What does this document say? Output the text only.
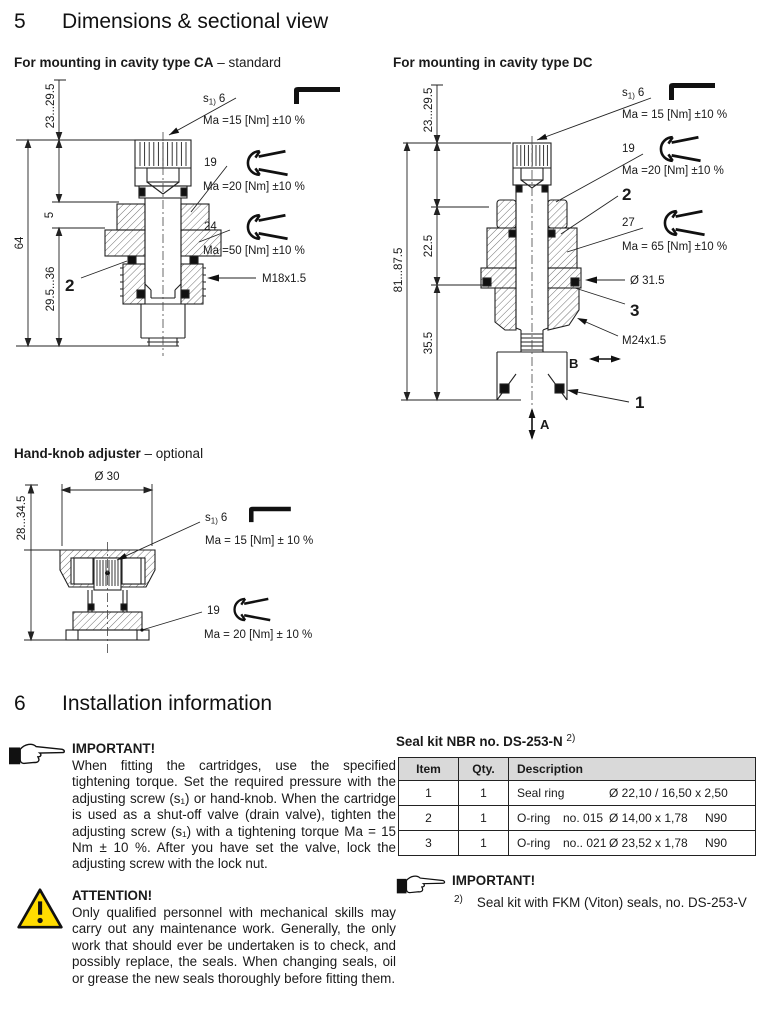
5 Dimensions & sectional view
For mounting in cavity type CA – standard
23...29.5
64
5
29.5...36
$s_{1)}$ 6
Ma =15 [Nm] ±10 %
19
Ma =20 [Nm] ±10 %
24
Ma =50 [Nm] ±10 %
M18x1.5
2
For mounting in cavity type DC
23...29.5
81...87.5
22.5
35.5
$s_{1)}$ 6
Ma = 15 [Nm] ±10 %
19
Ma =20 [Nm] ±10 %
2
27
Ma = 65 [Nm] ±10 %
Ø 31.5
3
M24x1.5
B
1
A
Hand-knob adjuster – optional
Ø 30
28...34.5	$s_{1)}$ 6
Ma = 15 [Nm] ± 10 %
19
Ma = 20 [Nm] ± 10 %
6 Installation information
IMPORTANT!
When fitting the cartridges, use the specified tightening torque. Set the required pressure with the adjusting screw (s₁) or hand-knob. When the cartridge is used as a shut-off valve (drain valve), tighten the adjusting screw (s₁) with a tightening torque Ma = 15 Nm ± 10 %. After you have set the valve, lock the adjusting screw with the lock nut.
ATTENTION!
Only qualified personnel with mechanical skills may carry out any maintenance work. Generally, the only work that should ever be undertaken is to check, and possibly replace, the seals. When changing seals, oil or grease the new seals thoroughly before fitting them.
Seal kit NBR no. DS-253-N $^{2)}$
Item	Qty.	Description
1	1	Seal ring Ø 22,10 / 16,50 x 2,50

2	1	O-ring no. 015 Ø 14,00 x 1,78 N90

3	1	O-ring no.. 021 Ø 23,52 x 1,78 N90
IMPORTANT!
$^{2)}$ Seal kit with FKM (Viton) seals, no. DS-253-V
